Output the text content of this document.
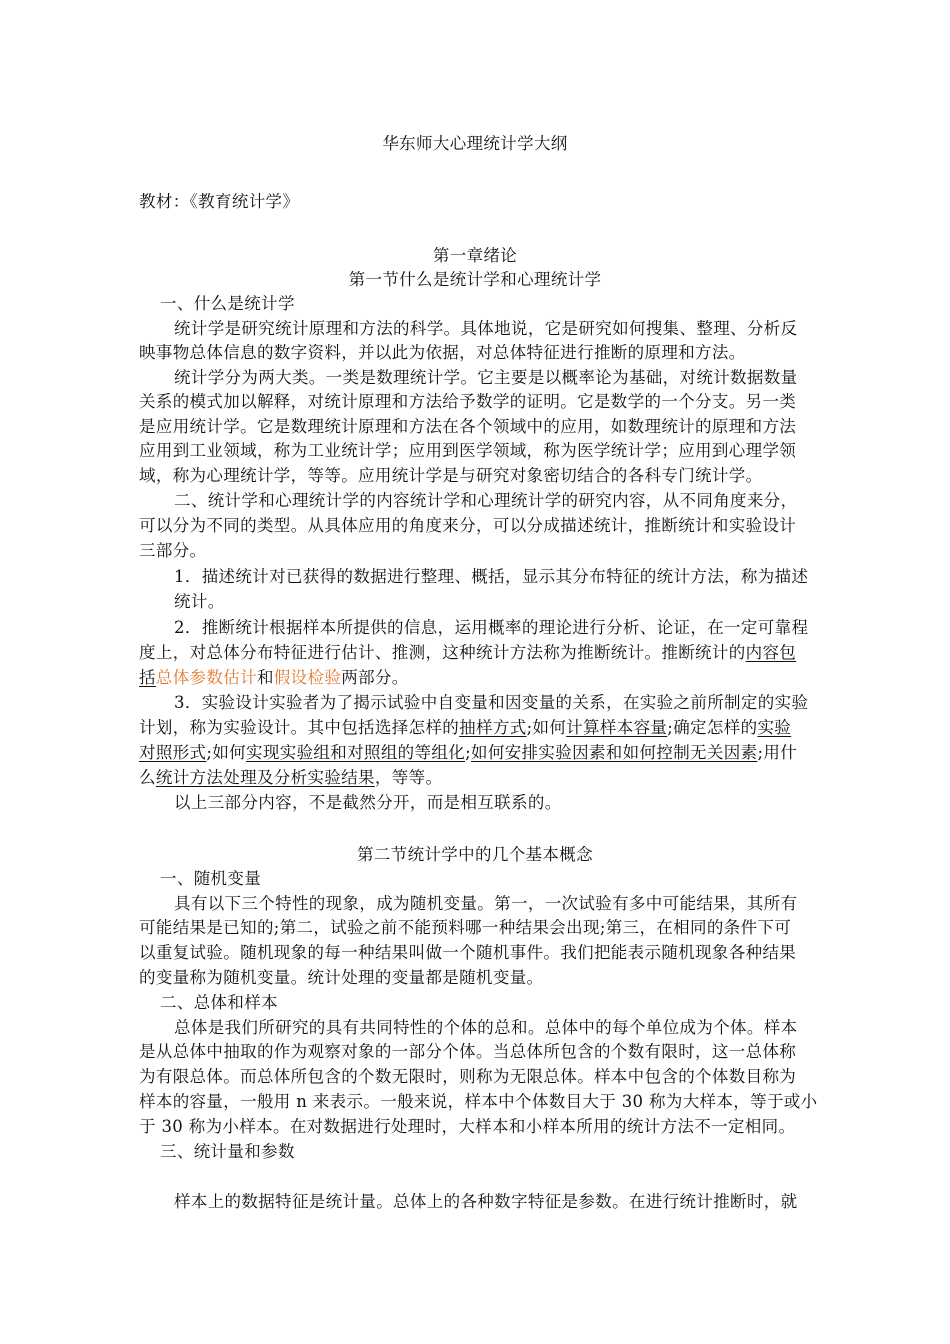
华东师大心理统计学大纲
教材：《教育统计学》
第一章绪论
第一节什么是统计学和心理统计学
一、什么是统计学
统计学是研究统计原理和方法的科学。具体地说，它是研究如何搜集、整理、分析反
映事物总体信息的数字资料，并以此为依据，对总体特征进行推断的原理和方法。
统计学分为两大类。一类是数理统计学。它主要是以概率论为基础，对统计数据数量
关系的模式加以解释，对统计原理和方法给予数学的证明。它是数学的一个分支。另一类
是应用统计学。它是数理统计原理和方法在各个领域中的应用，如数理统计的原理和方法
应用到工业领域，称为工业统计学；应用到医学领域，称为医学统计学；应用到心理学领
域，称为心理统计学，等等。应用统计学是与研究对象密切结合的各科专门统计学。
二、统计学和心理统计学的内容统计学和心理统计学的研究内容，从不同角度来分，
可以分为不同的类型。从具体应用的角度来分，可以分成描述统计，推断统计和实验设计
三部分。
1．描述统计对已获得的数据进行整理、概括，显示其分布特征的统计方法，称为描述
统计。
2．推断统计根据样本所提供的信息，运用概率的理论进行分析、论证，在一定可靠程
度上，对总体分布特征进行估计、推测，这种统计方法称为推断统计。推断统计的内容包
括总体参数估计和假设检验两部分。
3．实验设计实验者为了揭示试验中自变量和因变量的关系，在实验之前所制定的实验
计划，称为实验设计。其中包括选择怎样的抽样方式;如何计算样本容量;确定怎样的实验
对照形式;如何实现实验组和对照组的等组化;如何安排实验因素和如何控制无关因素;用什
么统计方法处理及分析实验结果，等等。
以上三部分内容，不是截然分开，而是相互联系的。
第二节统计学中的几个基本概念
一、随机变量
具有以下三个特性的现象，成为随机变量。第一，一次试验有多中可能结果，其所有
可能结果是已知的;第二，试验之前不能预料哪一种结果会出现;第三，在相同的条件下可
以重复试验。随机现象的每一种结果叫做一个随机事件。我们把能表示随机现象各种结果
的变量称为随机变量。统计处理的变量都是随机变量。
二、总体和样本
总体是我们所研究的具有共同特性的个体的总和。总体中的每个单位成为个体。样本
是从总体中抽取的作为观察对象的一部分个体。当总体所包含的个数有限时，这一总体称
为有限总体。而总体所包含的个数无限时，则称为无限总体。样本中包含的个体数目称为
样本的容量，一般用 n 来表示。一般来说，样本中个体数目大于 30 称为大样本，等于或小
于 30 称为小样本。在对数据进行处理时，大样本和小样本所用的统计方法不一定相同。
三、统计量和参数
样本上的数据特征是统计量。总体上的各种数字特征是参数。在进行统计推断时，就
